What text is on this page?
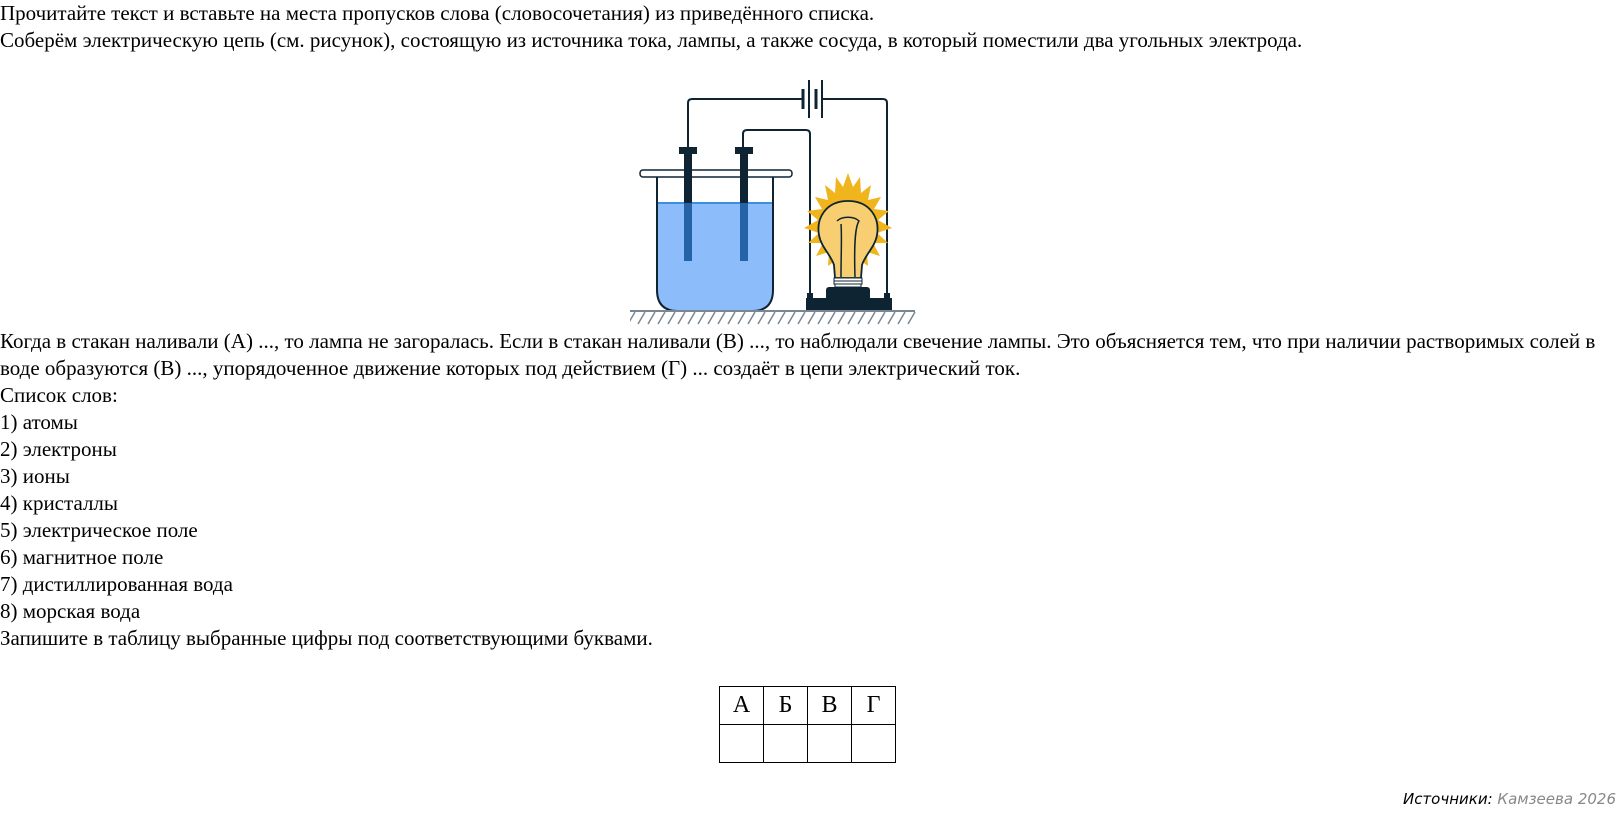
Прочитайте текст и вставьте на места пропусков слова (словосочетания) из приведённого списка.
Соберём электрическую цепь (см. рисунок), состоящую из источника тока, лампы, а также сосуда, в который поместили два угольных электрода.

Когда в стакан наливали (А) ..., то лампа не загоралась. Если в стакан наливали (В) ..., то наблюдали свечение лампы. Это объясняется тем, что при наличии растворимых солей в воде образуются (В) ..., упорядоченное движение которых под действием (Г) ... создаёт в цепи электрический ток.

Список слов:
1) атомы
2) электроны
3) ионы
4) кристаллы
5) электрическое поле
6) магнитное поле
7) дистиллированная вода
8) морская вода
Запишите в таблицу выбранные цифры под соответствующими буквами.
А	Б	В	Г

Источники: Камзеева 2026
